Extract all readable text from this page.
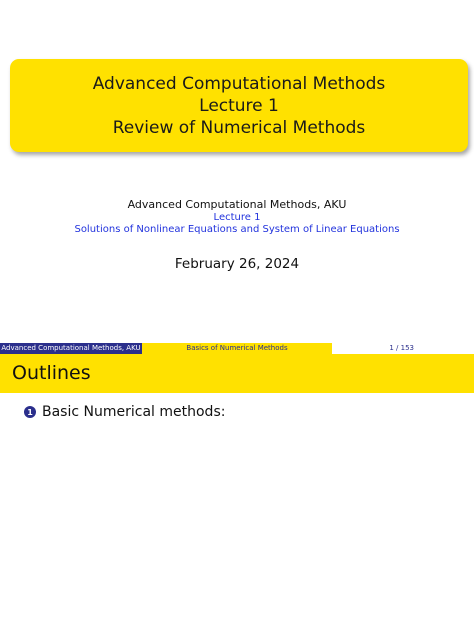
Advanced Computational Methods
Lecture 1
Review of Numerical Methods
Advanced Computational Methods, AKU
Lecture 1
Solutions of Nonlinear Equations and System of Linear Equations
February 26, 2024
Advanced Computational Methods, AKU	Basics of Numerical Methods	1 / 153
Outlines
1 Basic Numerical methods:
